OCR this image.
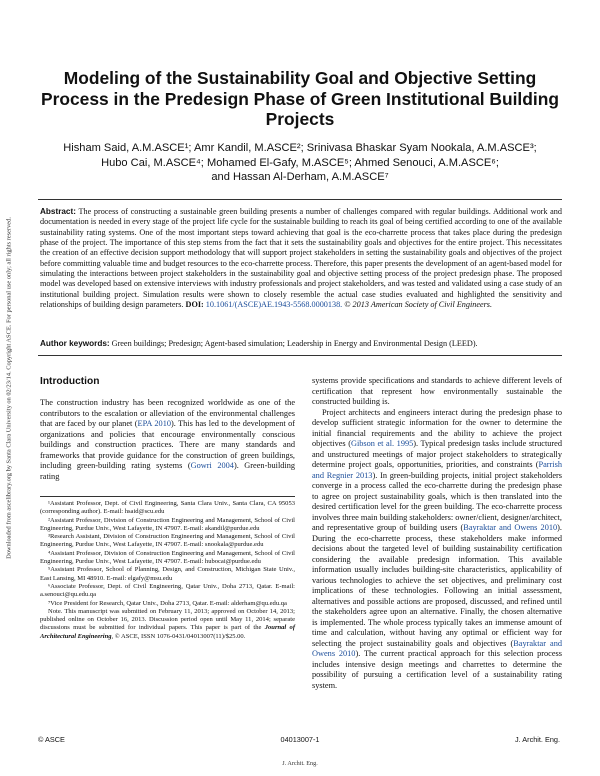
Downloaded from ascelibrary.org by Santa Clara University on 02/23/14. Copyright ASCE. For personal use only; all rights reserved.
Modeling of the Sustainability Goal and Objective Setting Process in the Predesign Phase of Green Institutional Building Projects
Hisham Said, A.M.ASCE¹; Amr Kandil, M.ASCE²; Srinivasa Bhaskar Syam Nookala, A.M.ASCE³;
Hubo Cai, M.ASCE⁴; Mohamed El-Gafy, M.ASCE⁵; Ahmed Senouci, A.M.ASCE⁶;
and Hassan Al-Derham, A.M.ASCE⁷

Abstract: The process of constructing a sustainable green building presents a number of challenges compared with regular buildings. Additional work and documentation is needed in every stage of the project life cycle for the sustainable building to reach its goal of being certified according to one of the available sustainability rating systems. One of the most important steps toward achieving that goal is the eco-charrette process that takes place during the predesign phase of the project. The importance of this step stems from the fact that it sets the sustainability goals and objectives for the entire project. This necessitates the creation of an effective decision support methodology that will support project stakeholders in setting the sustainability goals and objectives of the project before committing valuable time and budget resources to the eco-charrette process. Therefore, this paper presents the development of an agent-based model for simulating the interactions between project stakeholders in the sustainability goal and objective setting process of the project predesign phase. The proposed model was developed based on extensive interviews with industry professionals and project stakeholders, and was tested and validated using a case study of an institutional building project. Simulation results were shown to closely resemble the actual case studies evaluated and highlighted the sensitivity and relationships of building design parameters. DOI: 10.1061/(ASCE)AE.1943-5568.0000138. © 2013 American Society of Civil Engineers.

Author keywords: Green buildings; Predesign; Agent-based simulation; Leadership in Energy and Environmental Design (LEED).

Introduction

The construction industry has been recognized worldwide as one of the contributors to the escalation or alleviation of the environmental challenges that are faced by our planet (EPA 2010). This has led to the development of organizations and policies that encourage environmentally conscious buildings and construction practices. There are many standards and frameworks that provide guidance for the construction of green buildings, including green-building rating systems (Gowri 2004). Green-building rating

¹Assistant Professor, Dept. of Civil Engineering, Santa Clara Univ., Santa Clara, CA 95053 (corresponding author). E-mail: hsaid@scu.edu

²Assistant Professor, Division of Construction Engineering and Management, School of Civil Engineering, Purdue Univ., West Lafayette, IN 47907. E-mail: akandil@purdue.edu

³Research Assistant, Division of Construction Engineering and Management, School of Civil Engineering, Purdue Univ., West Lafayette, IN 47907. E-mail: snookala@purdue.edu

⁴Assistant Professor, Division of Construction Engineering and Management, School of Civil Engineering, Purdue Univ., West Lafayette, IN 47907. E-mail: hubocai@purdue.edu

⁵Assistant Professor, School of Planning, Design, and Construction, Michigan State Univ., East Lansing, MI 48910. E-mail: elgafy@msu.edu

⁶Associate Professor, Dept. of Civil Engineering, Qatar Univ., Doha 2713, Qatar. E-mail: a.senouci@qu.edu.qa

⁷Vice President for Research, Qatar Univ., Doha 2713, Qatar. E-mail: alderham@qu.edu.qa

Note. This manuscript was submitted on February 11, 2013; approved on October 14, 2013; published online on October 16, 2013. Discussion period open until May 11, 2014; separate discussions must be submitted for individual papers. This paper is part of the Journal of Architectural Engineering, © ASCE, ISSN 1076-0431/04013007(11)/$25.00.

systems provide specifications and standards to achieve different levels of certification that represent how environmentally sustainable the constructed building is.

Project architects and engineers interact during the predesign phase to develop sufficient strategic information for the owner to determine the initial financial requirements and the ability to achieve the project objectives (Gibson et al. 1995). Typical predesign tasks include structured and unstructured meetings of major project stakeholders to strategically determine project goals, opportunities, priorities, and constraints (Parrish and Regnier 2013). In green-building projects, initial project stakeholders converge in a process called the eco-charrette during the predesign phase to agree on project sustainability goals, which is then translated into the desired certification level for the green building. The eco-charrette process involves three main building stakeholders: owner/client, designer/architect, and representative group of building users (Bayraktar and Owens 2010). During the eco-charrette process, these stakeholders make informed decisions about the targeted level of building sustainability certification considering the available predesign information. This available information usually includes building-site characteristics, applicability of various technologies to achieve the set objectives, and preliminary cost implications of these technologies. Following an initial assessment, alternatives and possible actions are proposed, discussed, and refined until the stakeholders agree upon an alternative. Finally, the chosen alternative is implemented. The whole process typically takes an immense amount of time and calculation, without having any optimal or efficient way for selecting the project sustainability goals and objectives (Bayraktar and Owens 2010). The current practical approach for this selection process includes intensive design meetings and charrettes to determine the possibility of pursuing a certification level of a sustainability rating system.

© ASCE	04013007-1	J. Archit. Eng.
J. Archit. Eng.
